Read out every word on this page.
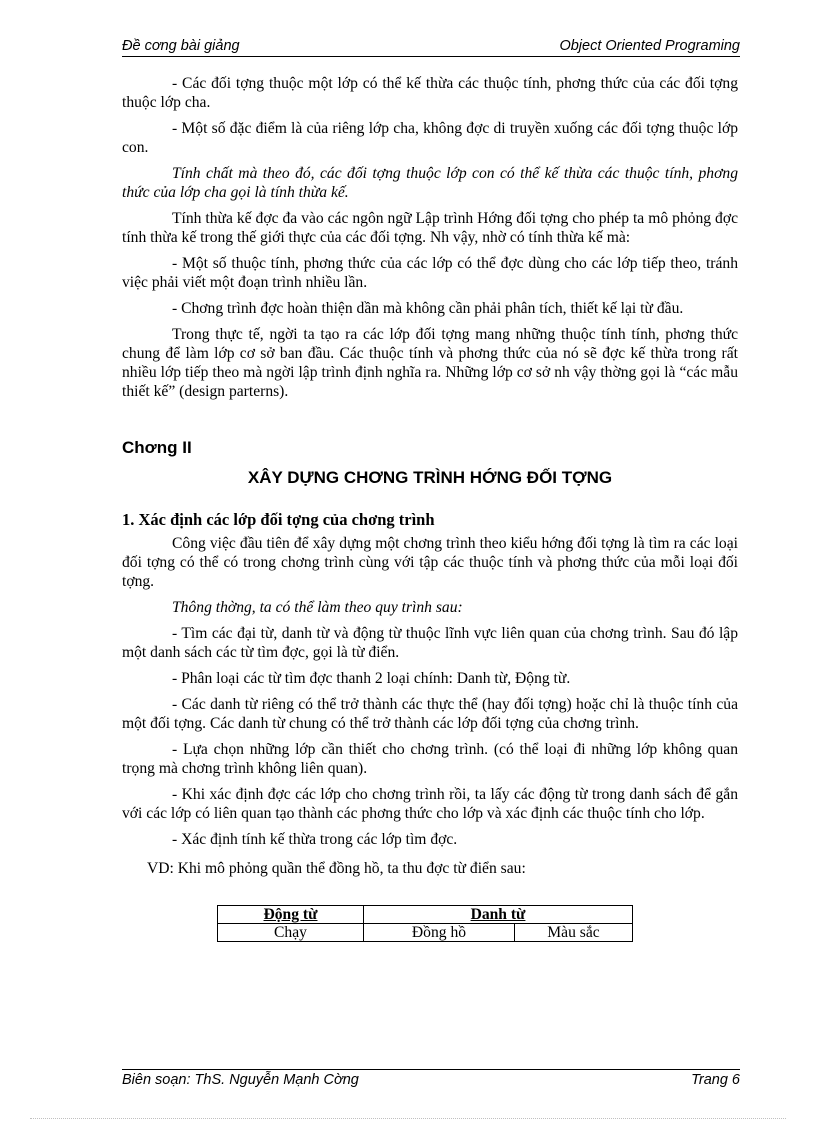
Đề cơng bài giảng	Object Oriented Programing

- Các đối tợng thuộc một lớp có thể kế thừa các thuộc tính, phơng thức của các đối tợng thuộc lớp cha.

- Một số đặc điểm là của riêng lớp cha, không đợc di truyền xuống các đối tợng thuộc lớp con.

Tính chất mà theo đó, các đối tợng thuộc lớp con có thể kế thừa các thuộc tính, phơng thức của lớp cha gọi là tính thừa kế.

Tính thừa kế đợc đa vào các ngôn ngữ Lập trình Hớng đối tợng cho phép ta mô phỏng đợc tính thừa kế trong thế giới thực của các đối tợng. Nh vậy, nhờ có tính thừa kế mà:

- Một số thuộc tính, phơng thức của các lớp có thể đợc dùng cho các lớp tiếp theo, tránh việc phải viết một đoạn trình nhiều lần.

- Chơng trình đợc hoàn thiện dần mà không cần phải phân tích, thiết kế lại từ đầu.

Trong thực tế, ngời ta tạo ra các lớp đối tợng mang những thuộc tính tính, phơng thức chung để làm lớp cơ sở ban đầu. Các thuộc tính và phơng thức của nó sẽ đợc kế thừa trong rất nhiều lớp tiếp theo mà ngời lập trình định nghĩa ra. Những lớp cơ sở nh vậy thờng gọi là “các mẫu thiết kế” (design parterns).

Chơng II
XÂY DỰNG CHƠNG TRÌNH HỚNG ĐỐI TỢNG
1. Xác định các lớp đối tợng của chơng trình

Công việc đầu tiên để xây dựng một chơng trình theo kiểu hớng đối tợng là tìm ra các loại đối tợng có thể có trong chơng trình cùng với tập các thuộc tính và phơng thức của mỗi loại đối tợng.

Thông thờng, ta có thể làm theo quy trình sau:

- Tìm các đại từ, danh từ và động từ thuộc lĩnh vực liên quan của chơng trình. Sau đó lập một danh sách các từ tìm đợc, gọi là từ điển.

- Phân loại các từ tìm đợc thanh 2 loại chính: Danh từ, Động từ.

- Các danh từ riêng có thể trở thành các thực thể (hay đối tợng) hoặc chỉ là thuộc tính của một đối tợng. Các danh từ chung có thể trở thành các lớp đối tợng của chơng trình.

- Lựa chọn những lớp cần thiết cho chơng trình. (có thể loại đi những lớp không quan trọng mà chơng trình không liên quan).

- Khi xác định đợc các lớp cho chơng trình rồi, ta lấy các động từ trong danh sách để gắn với các lớp có liên quan tạo thành các phơng thức cho lớp và xác định các thuộc tính cho lớp.

- Xác định tính kế thừa trong các lớp tìm đợc.

VD: Khi mô phỏng quần thể đồng hồ, ta thu đợc từ điển sau:

Động từ	Danh từ	
Chạy	Đồng hồ	Màu sắc
Biên soạn: ThS. Nguyễn Mạnh Cờng	Trang 6
